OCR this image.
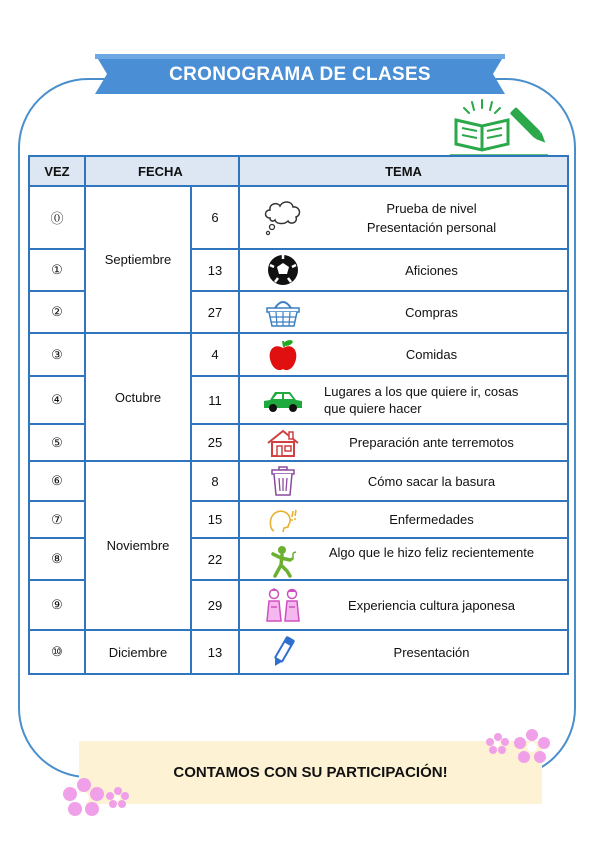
CRONOGRAMA DE CLASES
VEZ	FECHA		TEMA
⓪	Septiembre	6	Prueba de nivel
Presentación personal

①		13	Aficiones

②		27	Compras

③	Octubre	4	Comidas

④		11	Lugares a los que quiere ir, cosas
que quiere hacer

⑤		25	Preparación ante terremotos

⑥	Noviembre	8	Cómo sacar la basura

⑦		15	Enfermedades

⑧		22	Algo que le hizo feliz recientemente

⑨		29	Experiencia cultura japonesa

⑩	Diciembre	13	Presentación
CONTAMOS CON SU PARTICIPACIÓN!
